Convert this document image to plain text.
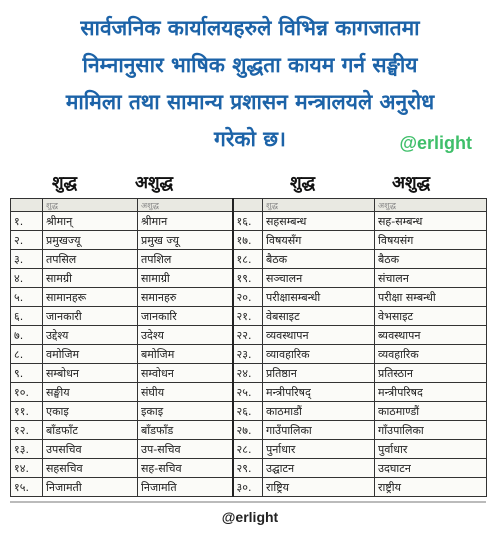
सार्वजनिक कार्यालयहरुले विभिन्न कागजातमा
निम्नानुसार भाषिक शुद्धता कायम गर्न सङ्घीय
मामिला तथा सामान्य प्रशासन मन्त्रालयले अनुरोध
गरेको छ।	@erlight
शुद्ध	अशुद्ध	शुद्ध	अशुद्ध
	शुद्ध	अशुद्ध		शुद्ध	अशुद्ध
१.	श्रीमान्	श्रीमान	१६.	सहसम्बन्ध	सह-सम्बन्ध
२.	प्रमुखज्यू	प्रमुख ज्यू	१७.	विषयसँग	विषयसंग
३.	तपसिल	तपशिल	१८.	बैठक	बैठक
४.	सामग्री	सामाग्री	१९.	सञ्चालन	संचालन
५.	सामानहरू	समानहरु	२०.	परीक्षासम्बन्धी	परीक्षा सम्बन्धी
६.	जानकारी	जानकारि	२१.	वेबसाइट	वेभसाइट
७.	उद्देश्य	उदेश्य	२२.	व्यवस्थापन	ब्यवस्थापन
८.	वमोजिम	बमोजिम	२३.	व्यावहारिक	व्यवहारिक
९.	सम्बोधन	सम्वोधन	२४.	प्रतिष्ठान	प्रतिस्ठान
१०.	सङ्घीय	संघीय	२५.	मन्त्रीपरिषद्	मन्त्रीपरिषद
११.	एकाइ	इकाइ	२६.	काठमाडौं	काठमाण्डौं
१२.	बाँडफाँट	बाँडफाँड	२७.	गाउँपालिका	गाँउपालिका
१३.	उपसचिव	उप-सचिव	२८.	पुर्नाधार	पुर्वाधार
१४.	सहसचिव	सह-सचिव	२९.	उद्घाटन	उदघाटन
१५.	निजामती	निजामति	३०.	राष्ट्रिय	राष्ट्रीय
@erlight
